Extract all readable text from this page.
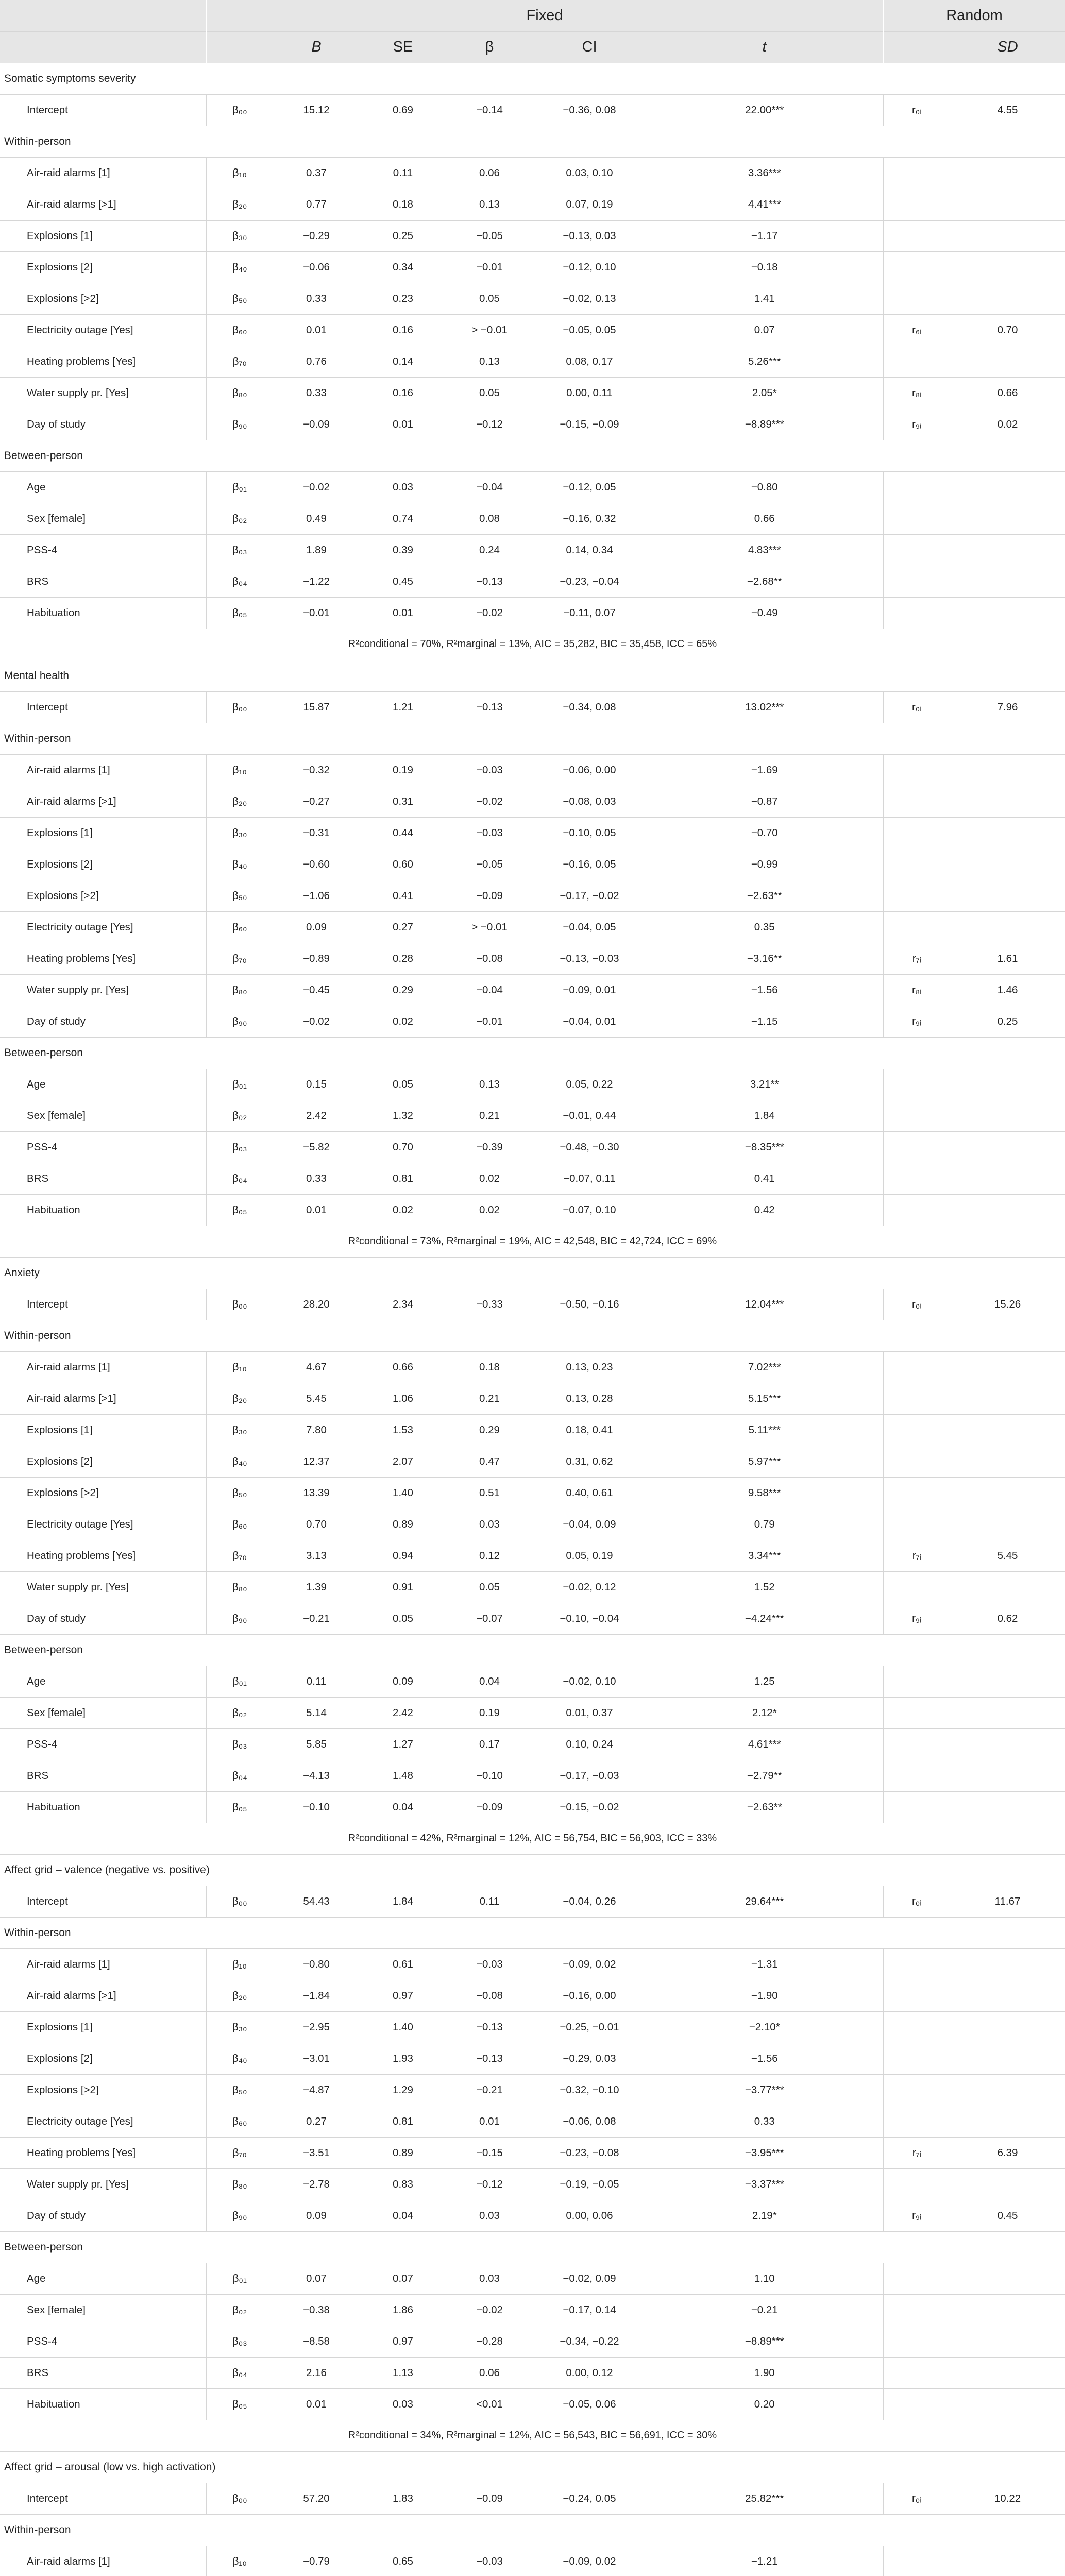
	Fixed						Random	
		B	SE	β	CI	t		SD
Somatic symptoms severity								
Intercept	β₀₀	15.12	0.69	−0.14	−0.36, 0.08	22.00***	r₀ᵢ	4.55
Within-person								
Air-raid alarms [1]	β₁₀	0.37	0.11	0.06	0.03, 0.10	3.36***		
Air-raid alarms [>1]	β₂₀	0.77	0.18	0.13	0.07, 0.19	4.41***		
Explosions [1]	β₃₀	−0.29	0.25	−0.05	−0.13, 0.03	−1.17		
Explosions [2]	β₄₀	−0.06	0.34	−0.01	−0.12, 0.10	−0.18		
Explosions [>2]	β₅₀	0.33	0.23	0.05	−0.02, 0.13	1.41		
Electricity outage [Yes]	β₆₀	0.01	0.16	> −0.01	−0.05, 0.05	0.07	r₆ᵢ	0.70
Heating problems [Yes]	β₇₀	0.76	0.14	0.13	0.08, 0.17	5.26***		
Water supply pr. [Yes]	β₈₀	0.33	0.16	0.05	0.00, 0.11	2.05*	r₈ᵢ	0.66
Day of study	β₉₀	−0.09	0.01	−0.12	−0.15, −0.09	−8.89***	r₉ᵢ	0.02
Between-person								
Age	β₀₁	−0.02	0.03	−0.04	−0.12, 0.05	−0.80		
Sex [female]	β₀₂	0.49	0.74	0.08	−0.16, 0.32	0.66		
PSS-4	β₀₃	1.89	0.39	0.24	0.14, 0.34	4.83***		
BRS	β₀₄	−1.22	0.45	−0.13	−0.23, −0.04	−2.68**		
Habituation	β₀₅	−0.01	0.01	−0.02	−0.11, 0.07	−0.49		
R²conditional = 70%, R²marginal = 13%, AIC = 35,282, BIC = 35,458, ICC = 65%								
Mental health								
Intercept	β₀₀	15.87	1.21	−0.13	−0.34, 0.08	13.02***	r₀ᵢ	7.96
Within-person								
Air-raid alarms [1]	β₁₀	−0.32	0.19	−0.03	−0.06, 0.00	−1.69		
Air-raid alarms [>1]	β₂₀	−0.27	0.31	−0.02	−0.08, 0.03	−0.87		
Explosions [1]	β₃₀	−0.31	0.44	−0.03	−0.10, 0.05	−0.70		
Explosions [2]	β₄₀	−0.60	0.60	−0.05	−0.16, 0.05	−0.99		
Explosions [>2]	β₅₀	−1.06	0.41	−0.09	−0.17, −0.02	−2.63**		
Electricity outage [Yes]	β₆₀	0.09	0.27	> −0.01	−0.04, 0.05	0.35		
Heating problems [Yes]	β₇₀	−0.89	0.28	−0.08	−0.13, −0.03	−3.16**	r₇ᵢ	1.61
Water supply pr. [Yes]	β₈₀	−0.45	0.29	−0.04	−0.09, 0.01	−1.56	r₈ᵢ	1.46
Day of study	β₉₀	−0.02	0.02	−0.01	−0.04, 0.01	−1.15	r₉ᵢ	0.25
Between-person								
Age	β₀₁	0.15	0.05	0.13	0.05, 0.22	3.21**		
Sex [female]	β₀₂	2.42	1.32	0.21	−0.01, 0.44	1.84		
PSS-4	β₀₃	−5.82	0.70	−0.39	−0.48, −0.30	−8.35***		
BRS	β₀₄	0.33	0.81	0.02	−0.07, 0.11	0.41		
Habituation	β₀₅	0.01	0.02	0.02	−0.07, 0.10	0.42		
R²conditional = 73%, R²marginal = 19%, AIC = 42,548, BIC = 42,724, ICC = 69%								
Anxiety								
Intercept	β₀₀	28.20	2.34	−0.33	−0.50, −0.16	12.04***	r₀ᵢ	15.26
Within-person								
Air-raid alarms [1]	β₁₀	4.67	0.66	0.18	0.13, 0.23	7.02***		
Air-raid alarms [>1]	β₂₀	5.45	1.06	0.21	0.13, 0.28	5.15***		
Explosions [1]	β₃₀	7.80	1.53	0.29	0.18, 0.41	5.11***		
Explosions [2]	β₄₀	12.37	2.07	0.47	0.31, 0.62	5.97***		
Explosions [>2]	β₅₀	13.39	1.40	0.51	0.40, 0.61	9.58***		
Electricity outage [Yes]	β₆₀	0.70	0.89	0.03	−0.04, 0.09	0.79		
Heating problems [Yes]	β₇₀	3.13	0.94	0.12	0.05, 0.19	3.34***	r₇ᵢ	5.45
Water supply pr. [Yes]	β₈₀	1.39	0.91	0.05	−0.02, 0.12	1.52		
Day of study	β₉₀	−0.21	0.05	−0.07	−0.10, −0.04	−4.24***	r₉ᵢ	0.62
Between-person								
Age	β₀₁	0.11	0.09	0.04	−0.02, 0.10	1.25		
Sex [female]	β₀₂	5.14	2.42	0.19	0.01, 0.37	2.12*		
PSS-4	β₀₃	5.85	1.27	0.17	0.10, 0.24	4.61***		
BRS	β₀₄	−4.13	1.48	−0.10	−0.17, −0.03	−2.79**		
Habituation	β₀₅	−0.10	0.04	−0.09	−0.15, −0.02	−2.63**		
R²conditional = 42%, R²marginal = 12%, AIC = 56,754, BIC = 56,903, ICC = 33%								
Affect grid – valence (negative vs. positive)								
Intercept	β₀₀	54.43	1.84	0.11	−0.04, 0.26	29.64***	r₀ᵢ	11.67
Within-person								
Air-raid alarms [1]	β₁₀	−0.80	0.61	−0.03	−0.09, 0.02	−1.31		
Air-raid alarms [>1]	β₂₀	−1.84	0.97	−0.08	−0.16, 0.00	−1.90		
Explosions [1]	β₃₀	−2.95	1.40	−0.13	−0.25, −0.01	−2.10*		
Explosions [2]	β₄₀	−3.01	1.93	−0.13	−0.29, 0.03	−1.56		
Explosions [>2]	β₅₀	−4.87	1.29	−0.21	−0.32, −0.10	−3.77***		
Electricity outage [Yes]	β₆₀	0.27	0.81	0.01	−0.06, 0.08	0.33		
Heating problems [Yes]	β₇₀	−3.51	0.89	−0.15	−0.23, −0.08	−3.95***	r₇ᵢ	6.39
Water supply pr. [Yes]	β₈₀	−2.78	0.83	−0.12	−0.19, −0.05	−3.37***		
Day of study	β₉₀	0.09	0.04	0.03	0.00, 0.06	2.19*	r₉ᵢ	0.45
Between-person								
Age	β₀₁	0.07	0.07	0.03	−0.02, 0.09	1.10		
Sex [female]	β₀₂	−0.38	1.86	−0.02	−0.17, 0.14	−0.21		
PSS-4	β₀₃	−8.58	0.97	−0.28	−0.34, −0.22	−8.89***		
BRS	β₀₄	2.16	1.13	0.06	0.00, 0.12	1.90		
Habituation	β₀₅	0.01	0.03	<0.01	−0.05, 0.06	0.20		
R²conditional = 34%, R²marginal = 12%, AIC = 56,543, BIC = 56,691, ICC = 30%								
Affect grid – arousal (low vs. high activation)								
Intercept	β₀₀	57.20	1.83	−0.09	−0.24, 0.05	25.82***	r₀ᵢ	10.22
Within-person								
Air-raid alarms [1]	β₁₀	−0.79	0.65	−0.03	−0.09, 0.02	−1.21		
